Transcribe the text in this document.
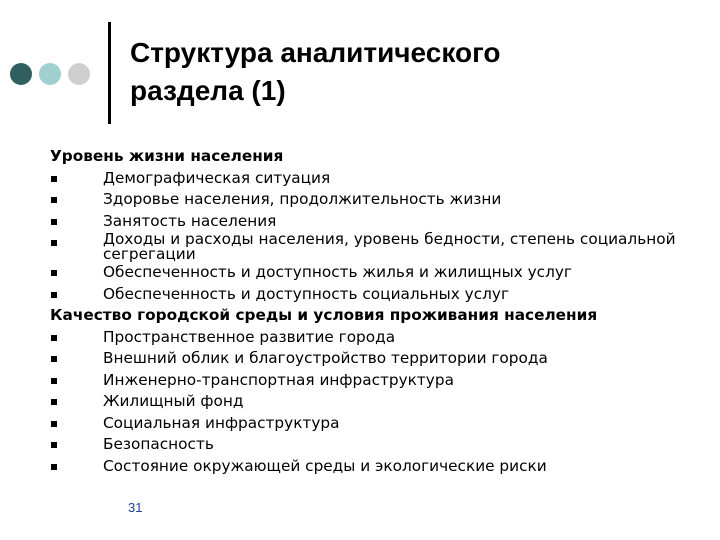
Структура аналитического
раздела (1)
Уровень жизни населения
Демографическая ситуация
Здоровье населения, продолжительность жизни
Занятость населения
Доходы и расходы населения, уровень бедности, степень социальной сегрегации
Обеспеченность и доступность жилья и жилищных услуг
Обеспеченность и доступность социальных услуг
Качество городской среды и условия проживания населения
Пространственное развитие города
Внешний облик и благоустройство территории города
Инженерно-транспортная инфраструктура
Жилищный фонд
Социальная инфраструктура
Безопасность
Состояние окружающей среды и экологические риски
31
